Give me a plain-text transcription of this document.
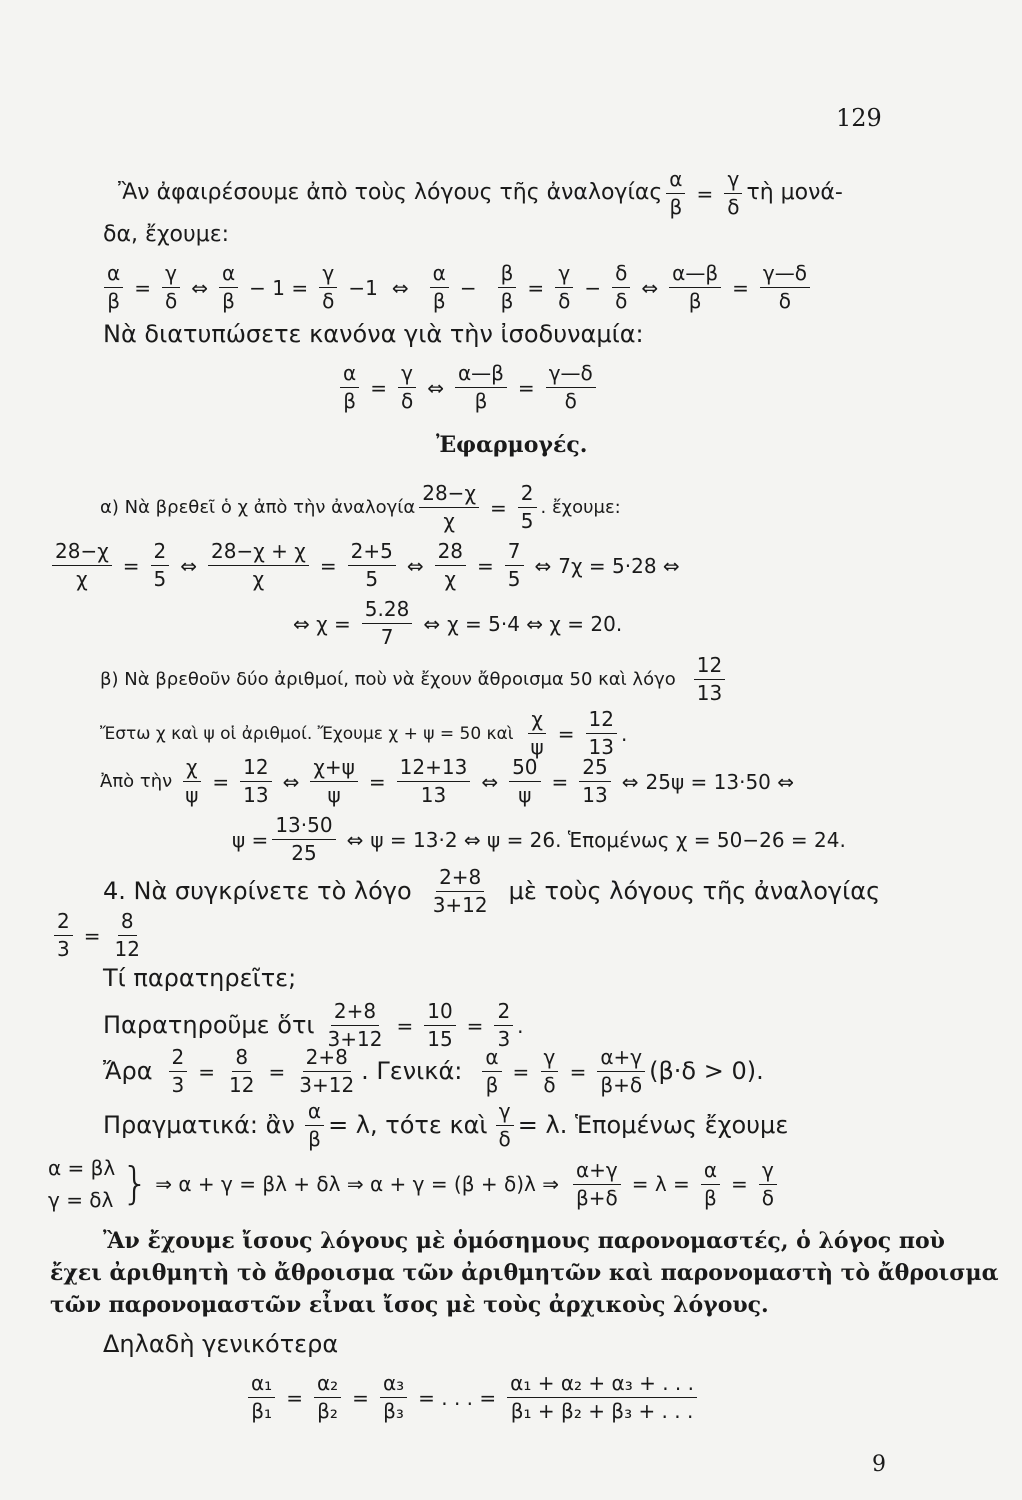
129
Ἂν ἀφαιρέσουμε ἀπὸ τοὺς λόγους τῆς ἀναλογίας $\frac{\alpha}{\beta} = \frac{\gamma}{\delta}$ τὴ μονά-
δα, ἔχουμε:
$\frac{\alpha}{\beta} = \frac{\gamma}{\delta}$ ⇔ $\frac{\alpha}{\beta} - 1 = \frac{\gamma}{\delta} -1$ ⇔ $\frac{\alpha}{\beta} - \frac{\beta}{\beta} = \frac{\gamma}{\delta} - \frac{\delta}{\delta}$ ⇔ $\frac{\alpha—\beta}{\beta} = \frac{\gamma—\delta}{\delta}$
Νὰ διατυπώσετε κανόνα γιὰ τὴν ἰσοδυναμία:
$\frac{\alpha}{\beta} = \frac{\gamma}{\delta}$ ⇔ $\frac{\alpha—\beta}{\beta} = \frac{\gamma—\delta}{\delta}$
Ἐφαρμογές.
α) Νὰ βρεθεῖ ὁ χ ἀπὸ τὴν ἀναλογία $\frac{28-\chi}{\chi} = \frac{2}{5}$ . ἔχουμε:
$\frac{28-\chi}{\chi} = \frac{2}{5}$ ⇔ $\frac{28-\chi + \chi}{\chi} = \frac{2+5}{5}$ ⇔ $\frac{28}{\chi} = \frac{7}{5}$ ⇔ 7χ = 5·28 ⇔
⇔ $\chi = \frac{5.28}{7}$ ⇔ χ = 5·4 ⇔ χ = 20.
β) Νὰ βρεθοῦν δύο ἀριθμοί, ποὺ νὰ ἔχουν ἄθροισμα 50 καὶ λόγο $\frac{12}{13}$
Ἔστω χ καὶ ψ οἱ ἀριθμοί. Ἔχουμε χ + ψ = 50 καὶ $\frac{\chi}{\psi} = \frac{12}{13}$ .
Ἀπὸ τὴν $\frac{\chi}{\psi} = \frac{12}{13}$ ⇔ $\frac{\chi+\psi}{\psi} = \frac{12+13}{13}$ ⇔ $\frac{50}{\psi} = \frac{25}{13}$ ⇔ 25ψ = 13·50 ⇔
$\psi = \frac{13\cdot 50}{25}$ ⇔ ψ = 13·2 ⇔ ψ = 26. Ἑπομένως χ = 50−26 = 24.
4. Νὰ συγκρίνετε τὸ λόγο $\frac{2+8}{3+12}$ μὲ τοὺς λόγους τῆς ἀναλογίας
$\frac{2}{3} = \frac{8}{12}$
Τί παρατηρεῖτε;
Παρατηροῦμε ὅτι $\frac{2+8}{3+12} = \frac{10}{15} = \frac{2}{3}$ .
Ἄρα $\frac{2}{3} = \frac{8}{12} = \frac{2+8}{3+12}$ . Γενικά: $\frac{\alpha}{\beta} = \frac{\gamma}{\delta} = \frac{\alpha+\gamma}{\beta+\delta} (\beta\cdot\delta > 0)$.
Πραγματικά: ἂν $\frac{\alpha}{\beta} = \lambda$, τότε καὶ $\frac{\gamma}{\delta} = \lambda$. Ἑπομένως ἔχουμε
α = βλ
γ = δλ } ⇒ α + γ = βλ + δλ ⇒ α + γ = (β + δ)λ ⇒ $\frac{\alpha+\gamma}{\beta+\delta} = \lambda = \frac{\alpha}{\beta} = \frac{\gamma}{\delta}$
Ἂν ἔχουμε ἴσους λόγους μὲ ὁμόσημους παρονομαστές, ὁ λόγος ποὺ
ἔχει ἀριθμητὴ τὸ ἄθροισμα τῶν ἀριθμητῶν καὶ παρονομαστὴ τὸ ἄθροισμα
τῶν παρονομαστῶν εἶναι ἴσος μὲ τοὺς ἀρχικοὺς λόγους.
Δηλαδὴ γενικότερα
$\frac{\text{α₁}}{\text{β₁}} = \frac{\text{α₂}}{\text{β₂}} = \frac{\text{α₃}}{\text{β₃}}$ = . . . = $\frac{\text{α₁ + α₂ + α₃ + . . .}}{\text{β₁ + β₂ + β₃ + . . .}}$
9
